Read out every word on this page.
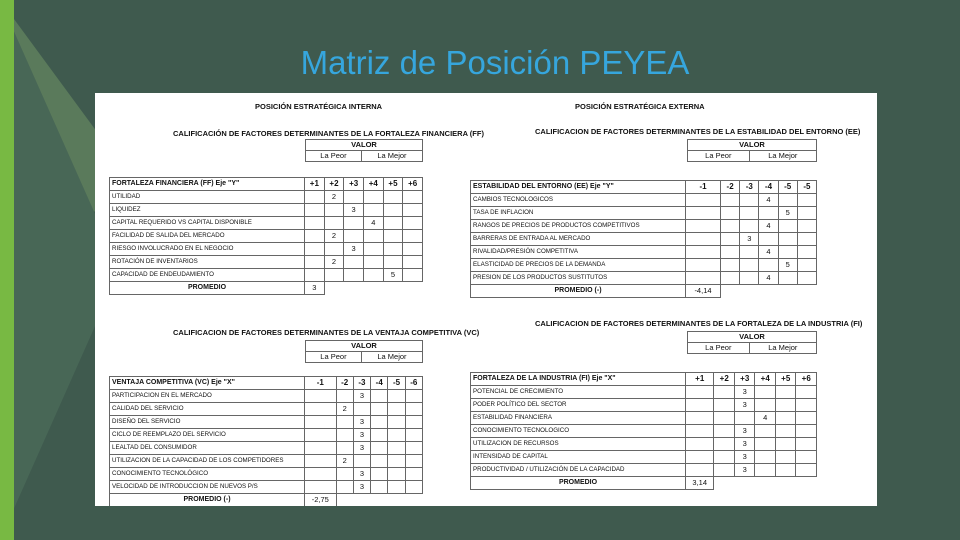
Matriz de Posición PEYEA
POSICIÓN ESTRATÉGICA INTERNA	POSICIÓN ESTRATÉGICA EXTERNA
CALIFICACIÓN DE FACTORES DETERMINANTES DE LA FORTALEZA FINANCIERA (FF)
VALOR
La Peor	La Mejor
FORTALEZA FINANCIERA (FF) Eje "Y"	+1	+2	+3	+4	+5	+6
UTILIDAD		2				
LIQUIDEZ			3			
CAPITAL REQUERIDO VS CAPITAL DISPONIBLE				4		
FACILIDAD DE SALIDA DEL MERCADO		2				
RIESGO INVOLUCRADO EN EL NEGOCIO			3			
ROTACIÓN DE INVENTARIOS		2				
CAPACIDAD DE ENDEUDAMIENTO					5	
PROMEDIO	3					
CALIFICACION DE FACTORES DETERMINANTES DE LA VENTAJA COMPETITIVA (VC)
VALOR
La Peor	La Mejor
VENTAJA COMPETITIVA (VC) Eje "X"	-1	-2	-3	-4	-5	-6
PARTICIPACION EN EL MERCADO			3			
CALIDAD DEL SERVICIO		2				
DISEÑO DEL SERVICIO			3			
CICLO DE REEMPLAZO DEL SERVICIO			3			
LEALTAD DEL CONSUMIDOR			3			
UTILIZACION DE LA CAPACIDAD DE LOS COMPETIDORES		2				
CONOCIMIENTO TECNOLÓGICO			3			
VELOCIDAD DE INTRODUCCION DE NUEVOS P/S			3			
PROMEDIO (-)	-2,75					
CALIFICACION DE FACTORES DETERMINANTES DE LA ESTABILIDAD DEL ENTORNO (EE)
VALOR
La Peor	La Mejor
ESTABILIDAD DEL ENTORNO (EE) Eje "Y"	-1	-2	-3	-4	-5	-5
CAMBIOS TECNOLOGICOS				4		
TASA DE INFLACION					5	
RANGOS DE PRECIOS DE PRODUCTOS COMPETITIVOS				4		
BARRERAS DE ENTRADA AL MERCADO			3			
RIVALIDAD/PRESIÓN COMPETITIVA				4		
ELASTICIDAD DE PRECIOS DE LA DEMANDA					5	
PRESION DE LOS PRODUCTOS SUSTITUTOS				4		
PROMEDIO (-)	-4,14					
CALIFICACION DE FACTORES DETERMINANTES DE LA FORTALEZA DE LA INDUSTRIA (FI)
VALOR
La Peor	La Mejor
FORTALEZA DE LA INDUSTRIA (FI) Eje "X"	+1	+2	+3	+4	+5	+6
POTENCIAL DE CRECIMIENTO			3			
PODER POLÍTICO DEL SECTOR			3			
ESTABILIDAD FINANCIERA				4		
CONOCIMIENTO TECNOLOGICO			3			
UTILIZACION DE RECURSOS			3			
INTENSIDAD DE CAPITAL			3			
PRODUCTIVIDAD / UTILIZACIÓN DE LA CAPACIDAD			3			
PROMEDIO	3,14					
